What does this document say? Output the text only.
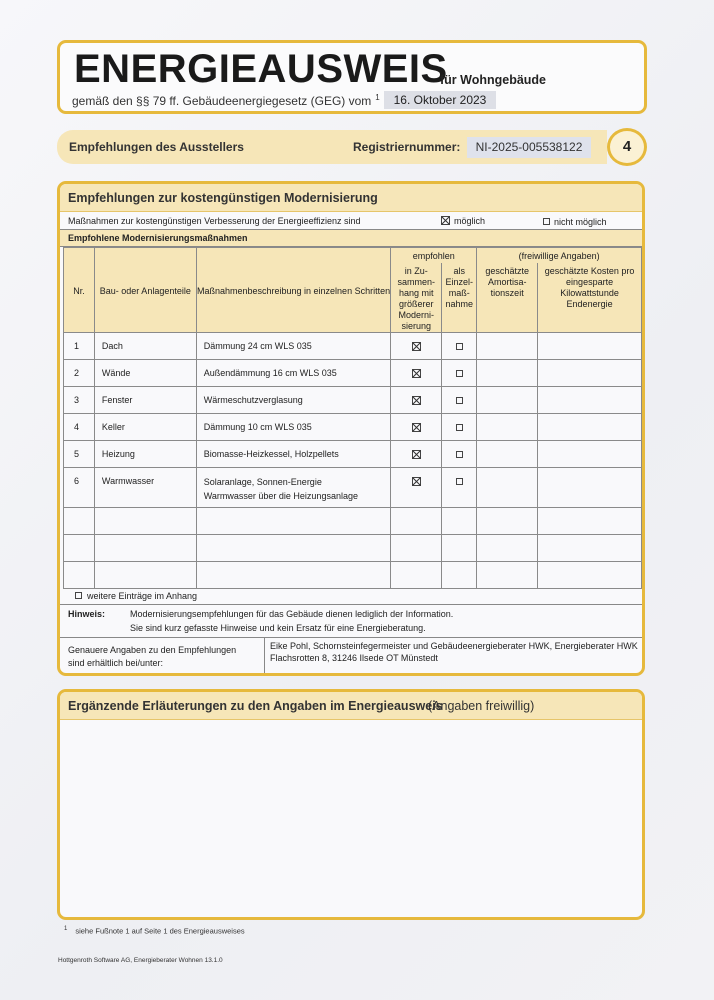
ENERGIEAUSWEIS
für Wohngebäude
gemäß den §§ 79 ff. Gebäudeenergiegesetz (GEG) vom $^1$	16. Oktober 2023
Empfehlungen des Ausstellers	Registriernummer:	NI-2025-005538122	4
Empfehlungen zur kostengünstigen Modernisierung
Maßnahmen zur kostengünstigen Verbesserung der Energieeffizienz sind	möglich	nicht möglich
Empfohlene Modernisierungsmaßnahmen
Nr.	Bau- oder Anlagenteile	Maßnahmenbeschreibung in einzelnen Schritten	empfohlen		(freiwillige Angaben)	
			in Zu-sammen-hang mit größerer Moderni-sierung	als Einzel-maß-nahme	geschätzte Amortisa-tionszeit	geschätzte Kosten pro eingesparte Kilowattstunde Endenergie
1	Dach	Dämmung 24 cm WLS 035				
2	Wände	Außendämmung 16 cm WLS 035				
3	Fenster	Wärmeschutzverglasung				
4	Keller	Dämmung 10 cm WLS 035				
5	Heizung	Biomasse-Heizkessel, Holzpellets				
6	Warmwasser	Solaranlage, Sonnen-Energie
Warmwasser über die Heizungsanlage				

weitere Einträge im Anhang
Hinweis:	Modernisierungsempfehlungen für das Gebäude dienen lediglich der Information.
Sie sind kurz gefasste Hinweise und kein Ersatz für eine Energieberatung.
Genauere Angaben zu den Empfehlungen
sind erhältlich bei/unter:
Eike Pohl, Schornsteinfegermeister und Gebäudeenergieberater HWK, Energieberater HWK
Flachsrotten 8, 31246 Ilsede OT Münstedt
Ergänzende Erläuterungen zu den Angaben im Energieausweis
(Angaben freiwillig)
$^1$ siehe Fußnote 1 auf Seite 1 des Energieausweises
Hottgenroth Software AG, Energieberater Wohnen 13.1.0
